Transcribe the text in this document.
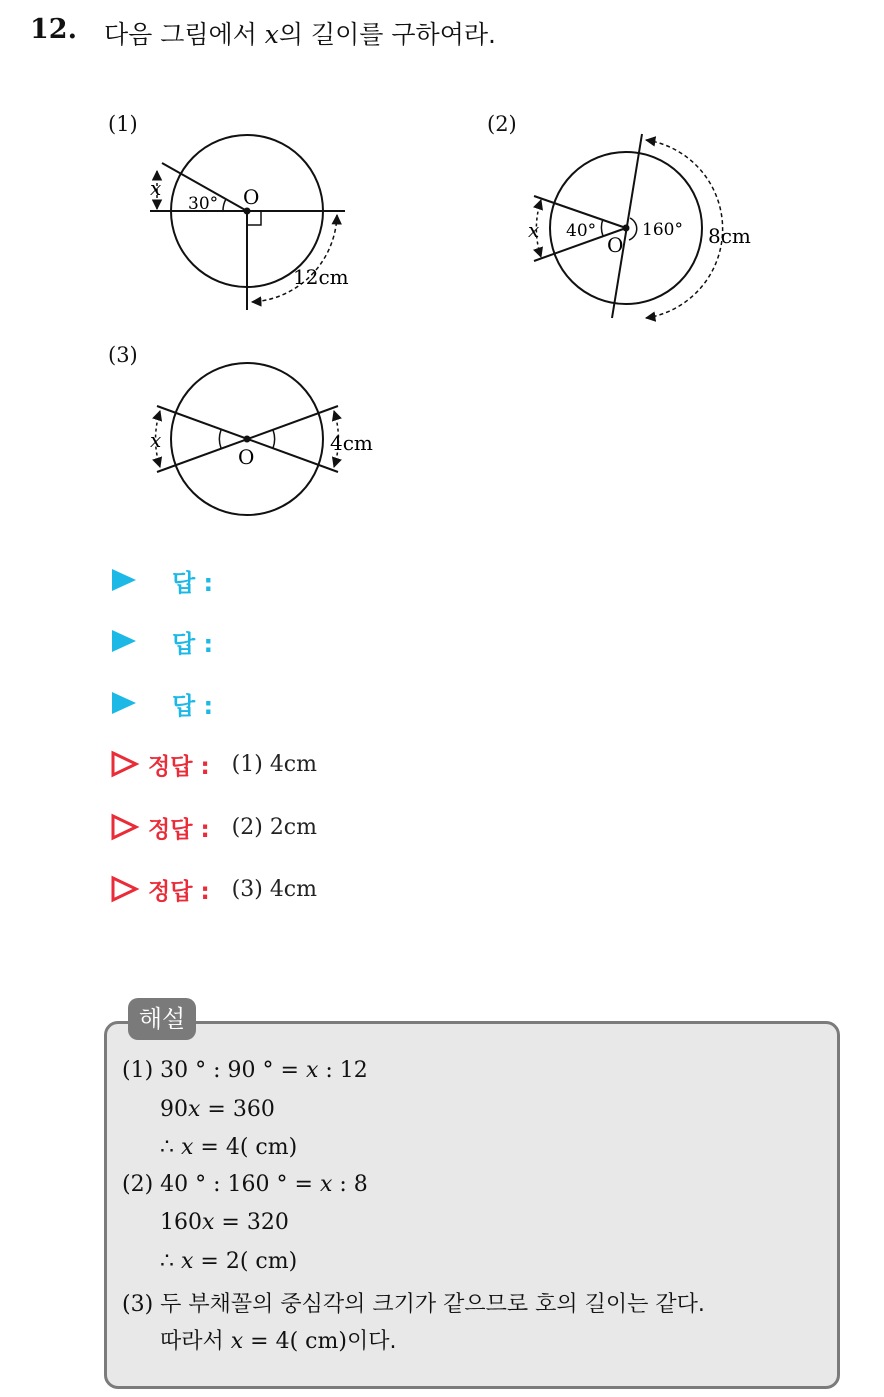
12. 다음 그림에서 x의 길이를 구하여라.
(1)	(2)
(3)
x
30° O
12cm
x 40°	160°
O	8cm
x
O
4cm
답 :
답 :
답 :
정답 : (1) 4cm
정답 : (2) 2cm
정답 : (3) 4cm
해설
(1) 30 ° : 90 ° = x : 12
90x = 360
∴ x = 4( cm)
(2) 40 ° : 160 ° = x : 8
160x = 320
∴ x = 2( cm)
(3) 두 부채꼴의 중심각의 크기가 같으므로 호의 길이는 같다.
따라서 x = 4( cm)이다.
